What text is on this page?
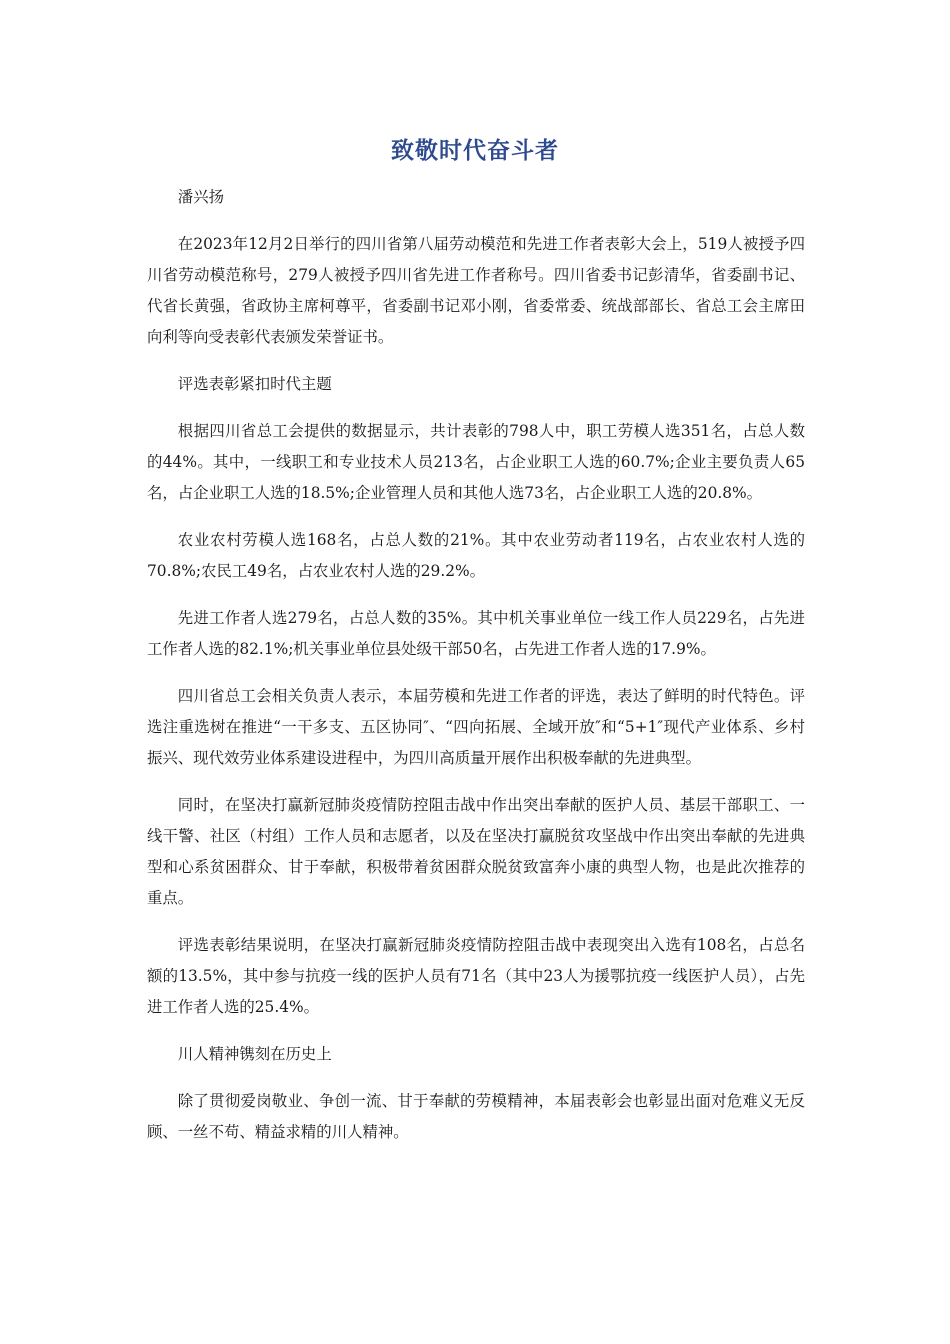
致敬时代奋斗者

潘兴扬

在2023年12月2日举行的四川省第八届劳动模范和先进工作者表彰大会上，519人被授予四川省劳动模范称号，279人被授予四川省先进工作者称号。四川省委书记彭清华，省委副书记、代省长黄强，省政协主席柯尊平，省委副书记邓小刚，省委常委、统战部部长、省总工会主席田向利等向受表彰代表颁发荣誉证书。

评选表彰紧扣时代主题

根据四川省总工会提供的数据显示，共计表彰的798人中，职工劳模人选351名，占总人数的44%。其中，一线职工和专业技术人员213名，占企业职工人选的60.7%;企业主要负责人65名，占企业职工人选的18.5%;企业管理人员和其他人选73名，占企业职工人选的20.8%。

农业农村劳模人选168名，占总人数的21%。其中农业劳动者119名，占农业农村人选的70.8%;农民工49名，占农业农村人选的29.2%。

先进工作者人选279名，占总人数的35%。其中机关事业单位一线工作人员229名，占先进工作者人选的82.1%;机关事业单位县处级干部50名，占先进工作者人选的17.9%。

四川省总工会相关负责人表示，本届劳模和先进工作者的评选，表达了鲜明的时代特色。评选注重选树在推进“一干多支、五区协同″、“四向拓展、全域开放″和“5+1″现代产业体系、乡村振兴、现代效劳业体系建设进程中，为四川高质量开展作出积极奉献的先进典型。

同时，在坚决打赢新冠肺炎疫情防控阻击战中作出突出奉献的医护人员、基层干部职工、一线干警、社区（村组）工作人员和志愿者，以及在坚决打赢脱贫攻坚战中作出突出奉献的先进典型和心系贫困群众、甘于奉献，积极带着贫困群众脱贫致富奔小康的典型人物，也是此次推荐的重点。

评选表彰结果说明，在坚决打赢新冠肺炎疫情防控阻击战中表现突出入选有108名，占总名额的13.5%，其中参与抗疫一线的医护人员有71名（其中23人为援鄂抗疫一线医护人员），占先进工作者人选的25.4%。

川人精神镌刻在历史上

除了贯彻爱岗敬业、争创一流、甘于奉献的劳模精神，本届表彰会也彰显出面对危难义无反顾、一丝不苟、精益求精的川人精神。
